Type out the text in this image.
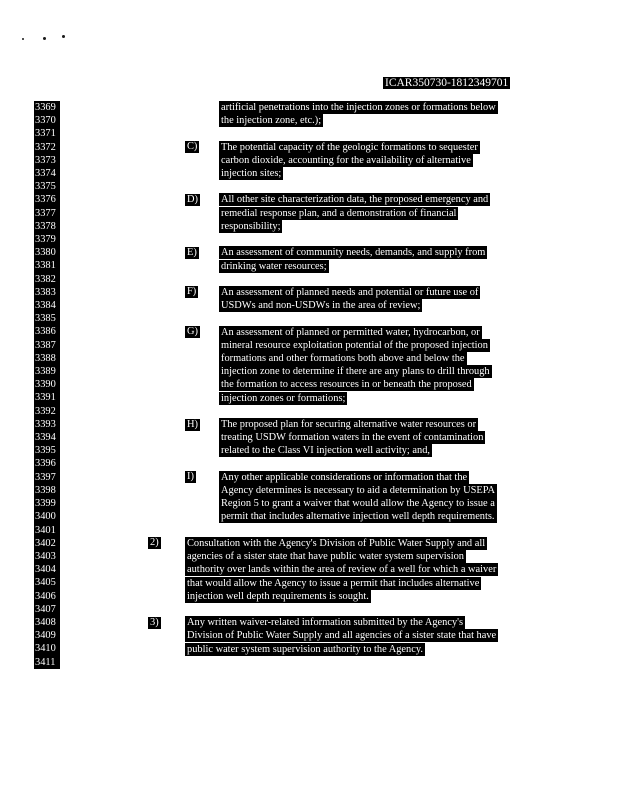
ICAR350730-1812349701
3369
3370
3371
3372
3373
3374
3375
3376
3377
3378
3379
3380
3381
3382
3383
3384
3385
3386
3387
3388
3389
3390
3391
3392
3393
3394
3395
3396
3397
3398
3399
3400
3401
3402
3403
3404
3405
3406
3407
3408
3409
3410
3411
artificial penetrations into the injection zones or formations below
the injection zone, etc.);
C) The potential capacity of the geologic formations to sequester
carbon dioxide, accounting for the availability of alternative
injection sites;
D) All other site characterization data, the proposed emergency and
remedial response plan, and a demonstration of financial
responsibility;
E) An assessment of community needs, demands, and supply from
drinking water resources;
F) An assessment of planned needs and potential or future use of
USDWs and non-USDWs in the area of review;
G) An assessment of planned or permitted water, hydrocarbon, or
mineral resource exploitation potential of the proposed injection
formations and other formations both above and below the
injection zone to determine if there are any plans to drill through
the formation to access resources in or beneath the proposed
injection zones or formations;
H) The proposed plan for securing alternative water resources or
treating USDW formation waters in the event of contamination
related to the Class VI injection well activity; and,
I)	Any other applicable considerations or information that the
Agency determines is necessary to aid a determination by USEPA
Region 5 to grant a waiver that would allow the Agency to issue a
permit that includes alternative injection well depth requirements.
2)	Consultation with the Agency's Division of Public Water Supply and all
agencies of a sister state that have public water system supervision
authority over lands within the area of review of a well for which a waiver
that would allow the Agency to issue a permit that includes alternative
injection well depth requirements is sought.
3)	Any written waiver-related information submitted by the Agency's
Division of Public Water Supply and all agencies of a sister state that have
public water system supervision authority to the Agency.
